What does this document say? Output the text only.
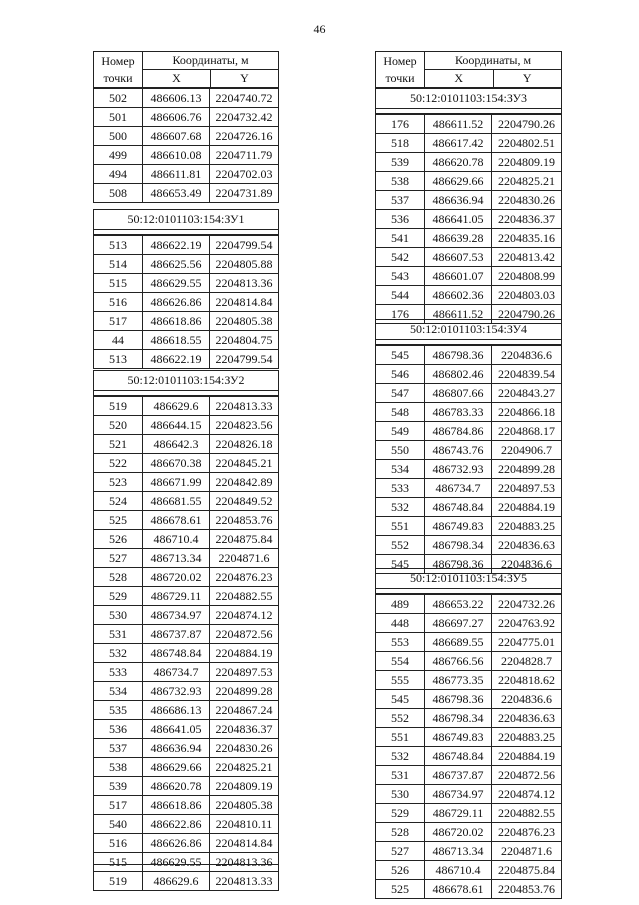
46
Номер
точки	Координаты, м	
	X	Y
502	486606.13	2204740.72
501	486606.76	2204732.42
500	486607.68	2204726.16
499	486610.08	2204711.79
494	486611.81	2204702.03
508	486653.49	2204731.89
50:12:0101103:154:ЗУ1

513	486622.19	2204799.54
514	486625.56	2204805.88
515	486629.55	2204813.36
516	486626.86	2204814.84
517	486618.86	2204805.38
44	486618.55	2204804.75
513	486622.19	2204799.54
50:12:0101103:154:ЗУ2

519	486629.6	2204813.33
520	486644.15	2204823.56
521	486642.3	2204826.18
522	486670.38	2204845.21
523	486671.99	2204842.89
524	486681.55	2204849.52
525	486678.61	2204853.76
526	486710.4	2204875.84
527	486713.34	2204871.6
528	486720.02	2204876.23
529	486729.11	2204882.55
530	486734.97	2204874.12
531	486737.87	2204872.56
532	486748.84	2204884.19
533	486734.7	2204897.53
534	486732.93	2204899.28
535	486686.13	2204867.24
536	486641.05	2204836.37
537	486636.94	2204830.26
538	486629.66	2204825.21
539	486620.78	2204809.19
517	486618.86	2204805.38
540	486622.86	2204810.11
516	486626.86	2204814.84
515	486629.55	2204813.36
519	486629.6	2204813.33
Номер
точки	Координаты, м	
	X	Y
50:12:0101103:154:ЗУ3

176	486611.52	2204790.26
518	486617.42	2204802.51
539	486620.78	2204809.19
538	486629.66	2204825.21
537	486636.94	2204830.26
536	486641.05	2204836.37
541	486639.28	2204835.16
542	486607.53	2204813.42
543	486601.07	2204808.99
544	486602.36	2204803.03
176	486611.52	2204790.26
50:12:0101103:154:ЗУ4

545	486798.36	2204836.6
546	486802.46	2204839.54
547	486807.66	2204843.27
548	486783.33	2204866.18
549	486784.86	2204868.17
550	486743.76	2204906.7
534	486732.93	2204899.28
533	486734.7	2204897.53
532	486748.84	2204884.19
551	486749.83	2204883.25
552	486798.34	2204836.63
545	486798.36	2204836.6
50:12:0101103:154:ЗУ5

489	486653.22	2204732.26
448	486697.27	2204763.92
553	486689.55	2204775.01
554	486766.56	2204828.7
555	486773.35	2204818.62
545	486798.36	2204836.6
552	486798.34	2204836.63
551	486749.83	2204883.25
532	486748.84	2204884.19
531	486737.87	2204872.56
530	486734.97	2204874.12
529	486729.11	2204882.55
528	486720.02	2204876.23
527	486713.34	2204871.6
526	486710.4	2204875.84
525	486678.61	2204853.76
